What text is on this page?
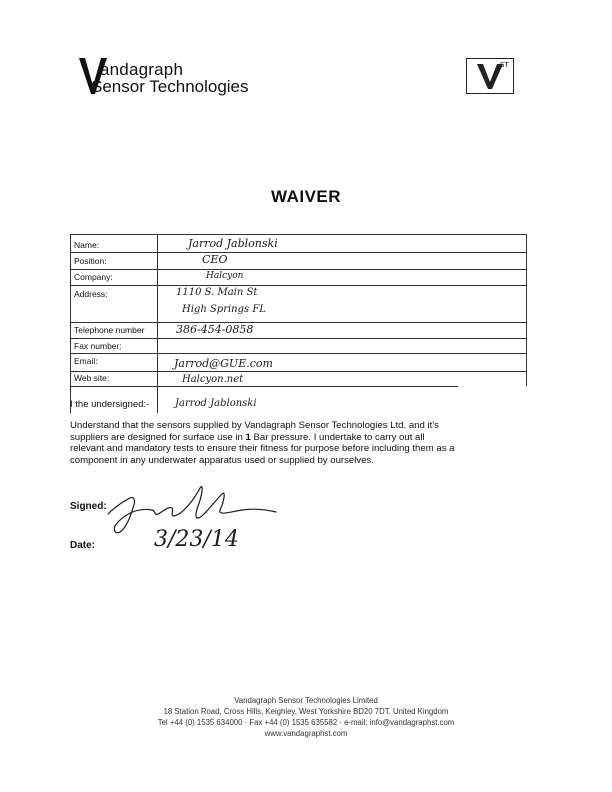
andagraph
Sensor Technologies
ST
WAIVER
Name:	Jarrod Jablonski
Position:	CEO
Company:	Halcyon
Address:	1110 S. Main St
High Springs FL
Telephone number	386-454-0858
Fax number:
Email:	Jarrod@GUE.com
Web site:	Halcyon.net
I the undersigned:-	Jarrod Jablonski
Understand that the sensors supplied by Vandagraph Sensor Technologies Ltd. and it's
suppliers are designed for surface use in 1 Bar pressure. I undertake to carry out all
relevant and mandatory tests to ensure their fitness for purpose before including them as a
component in any underwater apparatus used or supplied by ourselves.
Signed:
Date:	3/23/14
Vandagraph Sensor Technologies Limited
18 Station Road, Cross Hills, Keighley, West Yorkshire BD20 7DT. United Kingdom
Tel +44 (0) 1535 634000 · Fax +44 (0) 1535 635582 · e-mail: info@vandagraphst.com
www.vandagraphst.com
